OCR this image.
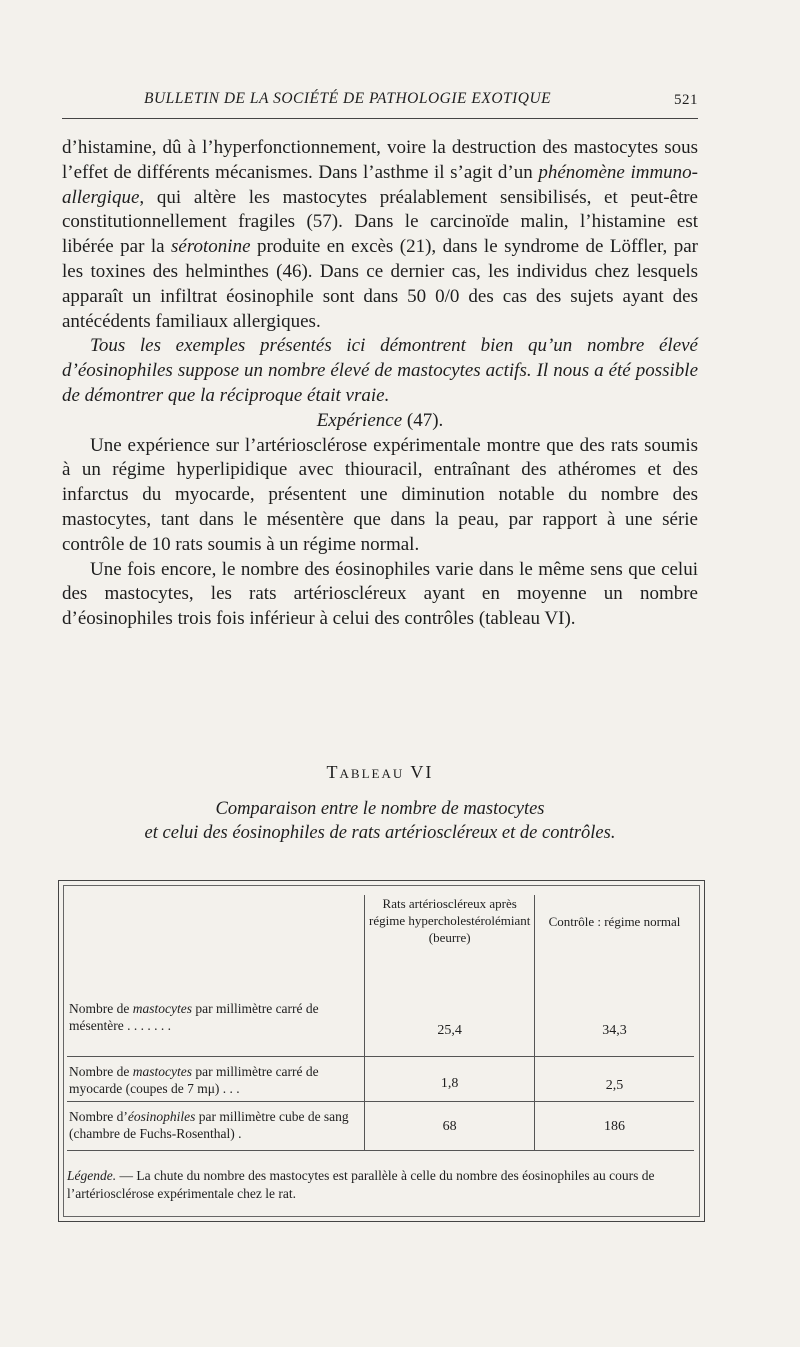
BULLETIN DE LA SOCIÉTÉ DE PATHOLOGIE EXOTIQUE	521

d’histamine, dû à l’hyperfonctionnement, voire la destruction des mastocytes sous l’effet de différents mécanismes. Dans l’asthme il s’agit d’un phénomène immuno-allergique, qui altère les mastocytes préalablement sensibilisés, et peut-être constitutionnellement fragiles (57). Dans le carcinoïde malin, l’histamine est libérée par la sérotonine produite en excès (21), dans le syndrome de Löffler, par les toxines des helminthes (46). Dans ce dernier cas, les individus chez lesquels apparaît un infiltrat éosinophile sont dans 50 0/0 des cas des sujets ayant des antécédents familiaux allergiques.

Tous les exemples présentés ici démontrent bien qu’un nombre élevé d’éosinophiles suppose un nombre élevé de mastocytes actifs. Il nous a été possible de démontrer que la réciproque était vraie.

Expérience (47).

Une expérience sur l’artériosclérose expérimentale montre que des rats soumis à un régime hyperlipidique avec thiouracil, entraînant des athéromes et des infarctus du myocarde, présentent une diminution notable du nombre des mastocytes, tant dans le mésentère que dans la peau, par rapport à une série contrôle de 10 rats soumis à un régime normal.

Une fois encore, le nombre des éosinophiles varie dans le même sens que celui des mastocytes, les rats artérioscléreux ayant en moyenne un nombre d’éosinophiles trois fois inférieur à celui des contrôles (tableau VI).

Tableau VI
Comparaison entre le nombre de mastocytes
et celui des éosinophiles de rats artérioscléreux et de contrôles.
	Rats artérioscléreux après régime hypercholestérolémiant (beurre)	Contrôle : régime normal

Nombre de mastocytes par millimètre carré de mésentère . . . . . . .	25,4	34,3

Nombre de mastocytes par millimètre carré de myocarde (coupes de 7 mμ) . . .	1,8	2,5

Nombre d’éosinophiles par millimètre cube de sang (chambre de Fuchs-Rosenthal) .	68	186

Légende. — La chute du nombre des mastocytes est parallèle à celle du nombre des éosinophiles au cours de l’artériosclérose expérimentale chez le rat.		
